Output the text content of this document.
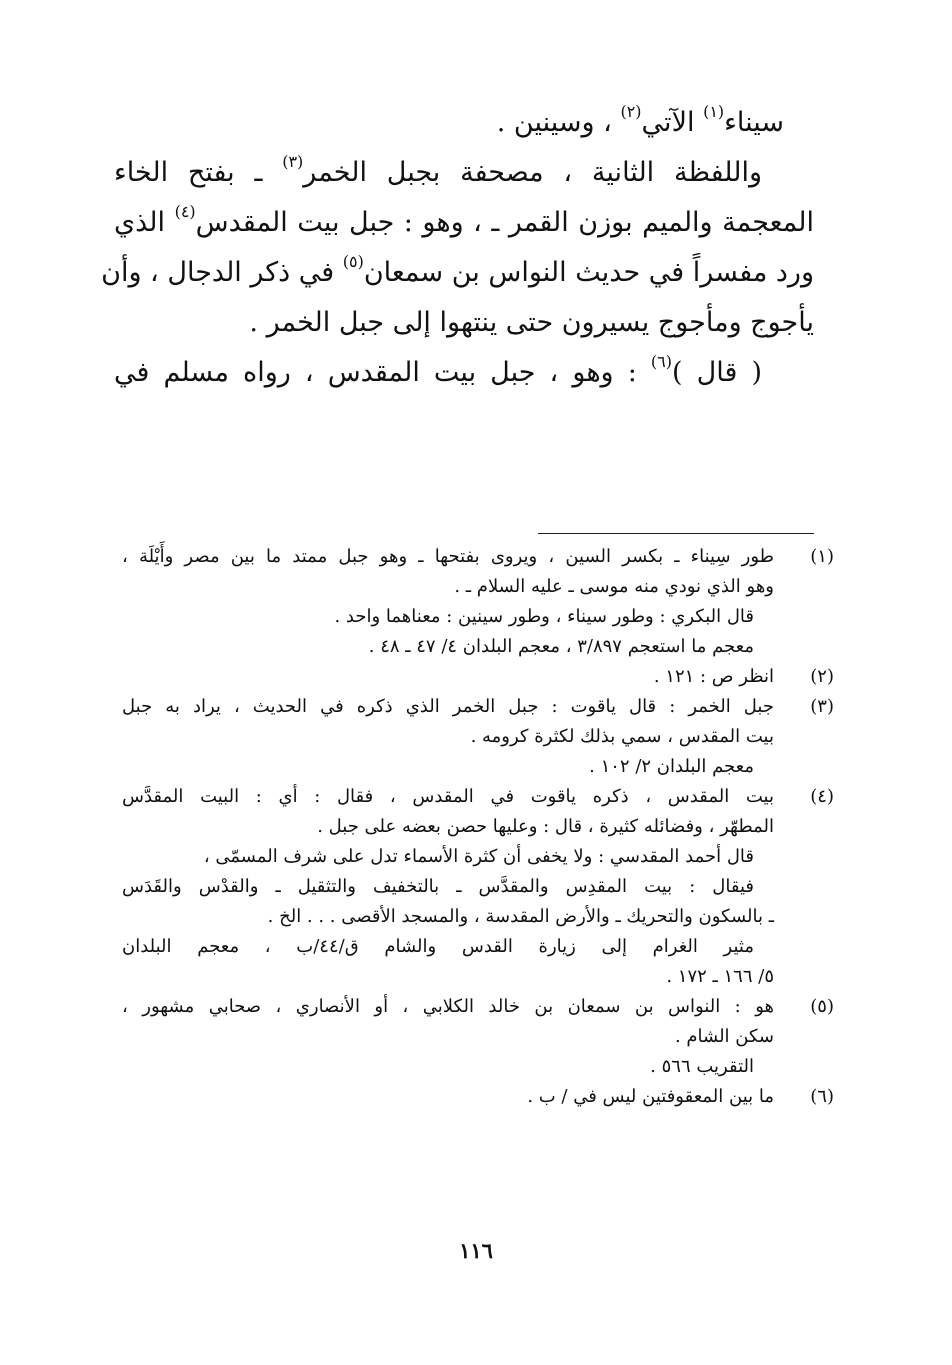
سيناء$^{(١)}$ الآتي$^{(٢)}$ ، وسينين .
واللفظة الثانية ، مصحفة بجبل الخمر$^{(٣)}$ ـ بفتح الخاء
المعجمة والميم بوزن القمر ـ ، وهو : جبل بيت المقدس$^{(٤)}$ الذي
ورد مفسراً في حديث النواس بن سمعان$^{(٥)}$ في ذكر الدجال ، وأن
يأجوج ومأجوج يسيرون حتى ينتهوا إلى جبل الخمر .
( قال )$^{(٦)}$ : وهو ، جبل بيت المقدس ، رواه مسلم في
(١)
طور سِيناء ـ بكسر السين ، ويروى بفتحها ـ وهو جبل ممتد ما بين مصر وأَيْلَة ،
وهو الذي نودي منه موسى ـ عليه السلام ـ .
قال البكري : وطور سيناء ، وطور سينين : معناهما واحد .
معجم ما استعجم ٣/٨٩٧ ، معجم البلدان ٤/ ٤٧ ـ ٤٨ .
(٢)
انظر ص : ١٢١ .
(٣)
جبل الخمر : قال ياقوت : جبل الخمر الذي ذكره في الحديث ، يراد به جبل
بيت المقدس ، سمي بذلك لكثرة كرومه .
معجم البلدان ٢/ ١٠٢ .
(٤)
بيت المقدس ، ذكره ياقوت في المقدس ، فقال : أي : البيت المقدَّس
المطهّر ، وفضائله كثيرة ، قال : وعليها حصن بعضه على جبل .
قال أحمد المقدسي : ولا يخفى أن كثرة الأسماء تدل على شرف المسمّى ،
فيقال : بيت المقدِس والمقدَّس ـ بالتخفيف والتثقيل ـ والقدْس والقَدَس
ـ بالسكون والتحريك ـ والأرض المقدسة ، والمسجد الأقصى . . . الخ .
مثير الغرام إلى زيارة القدس والشام ق/٤٤/ب ، معجم البلدان
٥/ ١٦٦ ـ ١٧٢ .
(٥)
هو : النواس بن سمعان بن خالد الكلابي ، أو الأنصاري ، صحابي مشهور ،
سكن الشام .
التقريب ٥٦٦ .
(٦)
ما بين المعقوفتين ليس في / ب .
١١٦
